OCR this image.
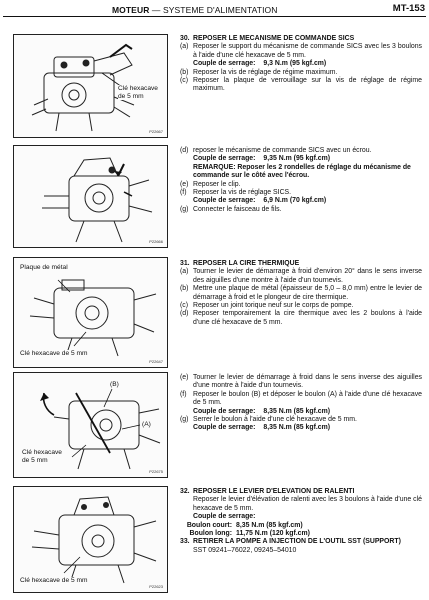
MOTEUR — SYSTEME D'ALIMENTATION	MT-153
Clé hexacave
de 5 mm
P22667
P22666
Plaque de métal
Clé hexacave de 5 mm
P22647
(B)
(A)
Clé hexacave
de 5 mm
P22675
Clé hexacave de 5 mm
P22623
30. REPOSER LE MECANISME DE COMMANDE SICS
(a) Reposer le support du mécanisme de commande SICS avec les 3 boulons à l'aide d'une clé hexacave de 5 mm.
Couple de serrage: 9,3 N.m (95 kgf.cm)
(b) Reposer la vis de réglage de régime maximum.
(c) Reposer la plaque de verrouillage sur la vis de réglage de régime maximum.
(d) reposer le mécanisme de commande SICS avec un écrou.
Couple de serrage: 9,35 N.m (95 kgf.cm)
REMARQUE: Reposer les 2 rondelles de réglage du mécanisme de commande sur le côté avec l'écrou.
(e) Reposer le clip.
(f) Reposer la vis de réglage SICS.
Couple de serrage: 6,9 N.m (70 kgf.cm)
(g) Connecter le faisceau de fils.
31. REPOSER LA CIRE THERMIQUE
(a) Tourner le levier de démarrage à froid d'environ 20° dans le sens inverse des aiguilles d'une montre à l'aide d'un tournevis.
(b) Mettre une plaque de métal (épaisseur de 5,0 – 8,0 mm) entre le levier de démarrage à froid et le plongeur de cire thermique.
(c) Reposer un joint torique neuf sur le corps de pompe.
(d) Reposer temporairement la cire thermique avec les 2 boulons à l'aide d'une clé hexacave de 5 mm.
(e) Tourner le levier de démarrage à froid dans le sens inverse des aiguilles d'une montre à l'aide d'un tournevis.
(f) Reposer le boulon (B) et déposer le boulon (A) à l'aide d'une clé hexacave de 5 mm.
Couple de serrage: 8,35 N.m (85 kgf.cm)
(g) Serrer le boulon à l'aide d'une clé hexacave de 5 mm.
Couple de serrage: 8,35 N.m (85 kgf.cm)
32. REPOSER LE LEVIER D'ELEVATION DE RALENTI
Reposer le levier d'élévation de ralenti avec les 3 boulons à l'aide d'une clé hexacave de 5 mm.
Couple de serrage:
Boulon court: 8,35 N.m (85 kgf.cm)
Boulon long: 11,75 N.m (120 kgf.cm)
33. RETIRER LA POMPE A INJECTION DE L'OUTIL SST (SUPPORT)
SST 09241–76022, 09245–54010
